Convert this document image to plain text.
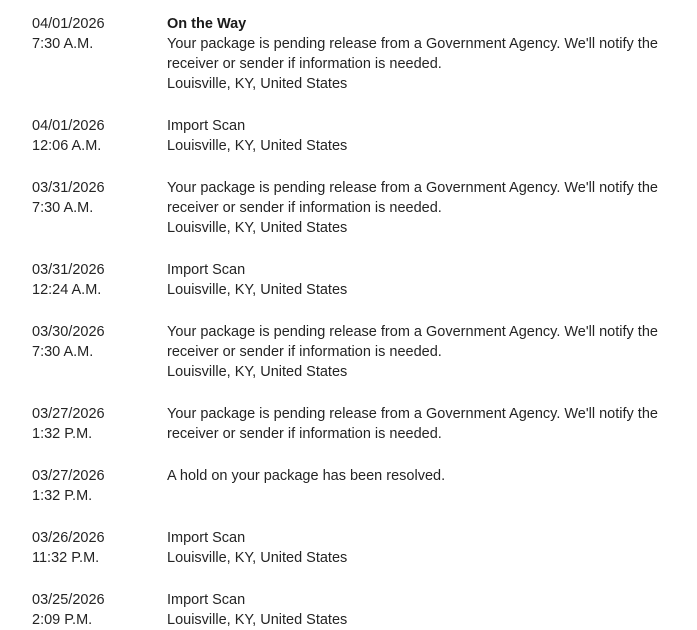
04/01/2026
7:30 A.M.
On the Way
Your package is pending release from a Government Agency. We'll notify the
receiver or sender if information is needed.
Louisville, KY, United States
04/01/2026
12:06 A.M.
Import Scan
Louisville, KY, United States
03/31/2026
7:30 A.M.
Your package is pending release from a Government Agency. We'll notify the
receiver or sender if information is needed.
Louisville, KY, United States
03/31/2026
12:24 A.M.
Import Scan
Louisville, KY, United States
03/30/2026
7:30 A.M.
Your package is pending release from a Government Agency. We'll notify the
receiver or sender if information is needed.
Louisville, KY, United States
03/27/2026
1:32 P.M.
Your package is pending release from a Government Agency. We'll notify the
receiver or sender if information is needed.
03/27/2026
1:32 P.M.
A hold on your package has been resolved.
03/26/2026
11:32 P.M.
Import Scan
Louisville, KY, United States
03/25/2026
2:09 P.M.
Import Scan
Louisville, KY, United States
